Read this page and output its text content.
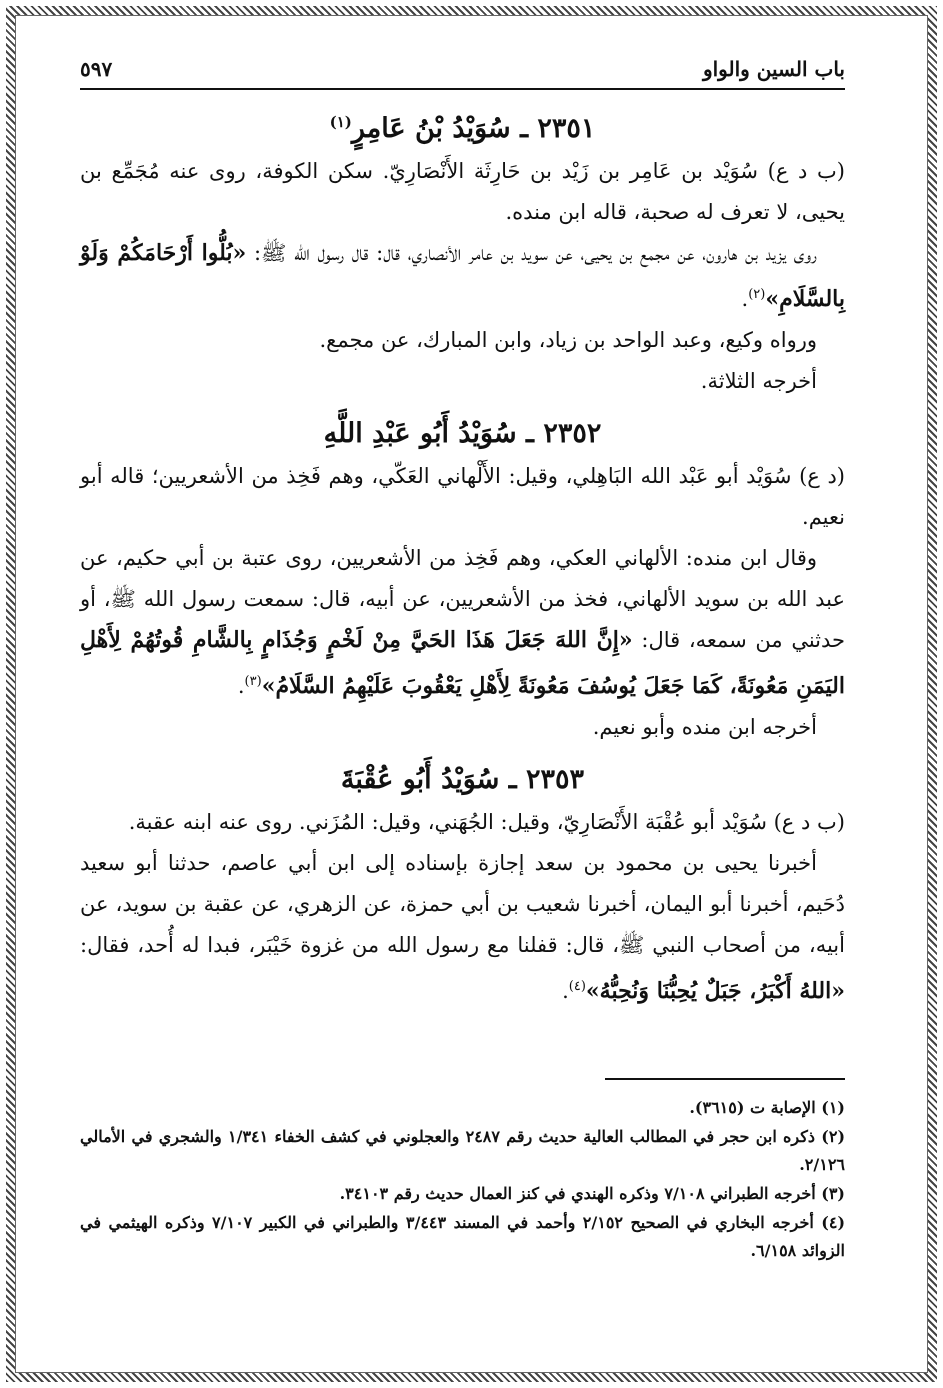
باب السين والواو
٥٩٧
٢٣٥١ ـ سُوَيْدُ بْنُ عَامِرٍ$^{(١)}$

(ب د ع) سُوَيْد بن عَامِر بن زَيْد بن حَارِثَة الأَنْصَارِيّ. سكن الكوفة، روى عنه مُجَمِّع بن يحيى، لا تعرف له صحبة، قاله ابن منده.

روى يزيد بن هارون، عن مجمع بن يحيى، عن سويد بن عامر الأنصاري، قال: قال رسول الله ﷺ: «بُلُّوا أَرْحَامَكُمْ وَلَوْ بِالسَّلَامِ»$^{(٢)}$.

ورواه وكيع، وعبد الواحد بن زياد، وابن المبارك، عن مجمع.

أخرجه الثلاثة.

٢٣٥٢ ـ سُوَيْدُ أَبُو عَبْدِ اللَّهِ

(د ع) سُوَيْد أبو عَبْد الله البَاهِلي، وقيل: الأَلْهاني العَكّي، وهم فَخِذ من الأشعريين؛ قاله أبو نعيم.

وقال ابن منده: الألهاني العكي، وهم فَخِذ من الأشعريين، روى عتبة بن أبي حكيم، عن عبد الله بن سويد الألهاني، فخذ من الأشعريين، عن أبيه، قال: سمعت رسول الله ﷺ، أو حدثني من سمعه، قال: «إِنَّ اللهَ جَعَلَ هَذَا الحَيَّ مِنْ لَخْمٍ وَجُذَامٍ بِالشَّامِ قُوتُهُمْ لِأَهْلِ اليَمَنِ مَعُونَةً، كَمَا جَعَلَ يُوسُفَ مَعُونَةً لِأَهْلِ يَعْقُوبَ عَلَيْهِمُ السَّلَامُ»$^{(٣)}$.

أخرجه ابن منده وأبو نعيم.

٢٣٥٣ ـ سُوَيْدُ أَبُو عُقْبَةَ

(ب د ع) سُوَيْد أبو عُقْبَة الأَنْصَارِيّ، وقيل: الجُهَني، وقيل: المُزَني. روى عنه ابنه عقبة.

أخبرنا يحيى بن محمود بن سعد إجازة بإسناده إلى ابن أبي عاصم، حدثنا أبو سعيد دُحَيم، أخبرنا أبو اليمان، أخبرنا شعيب بن أبي حمزة، عن الزهري، عن عقبة بن سويد، عن أبيه، من أصحاب النبي ﷺ، قال: قفلنا مع رسول الله من غزوة خَيْبَر، فبدا له أُحد، فقال: «اللهُ أَكْبَرُ، جَبَلٌ يُحِبُّنَا وَنُحِبُّهُ»$^{(٤)}$.

(١) الإصابة ت (٣٦١٥).

(٢) ذكره ابن حجر في المطالب العالية حديث رقم ٢٤٨٧ والعجلوني في كشف الخفاء ١/٣٤١ والشجري في الأمالي ٢/١٢٦.

(٣) أخرجه الطبراني ٧/١٠٨ وذكره الهندي في كنز العمال حديث رقم ٣٤١٠٣.

(٤) أخرجه البخاري في الصحيح ٢/١٥٢ وأحمد في المسند ٣/٤٤٣ والطبراني في الكبير ٧/١٠٧ وذكره الهيثمي في الزوائد ٦/١٥٨.
